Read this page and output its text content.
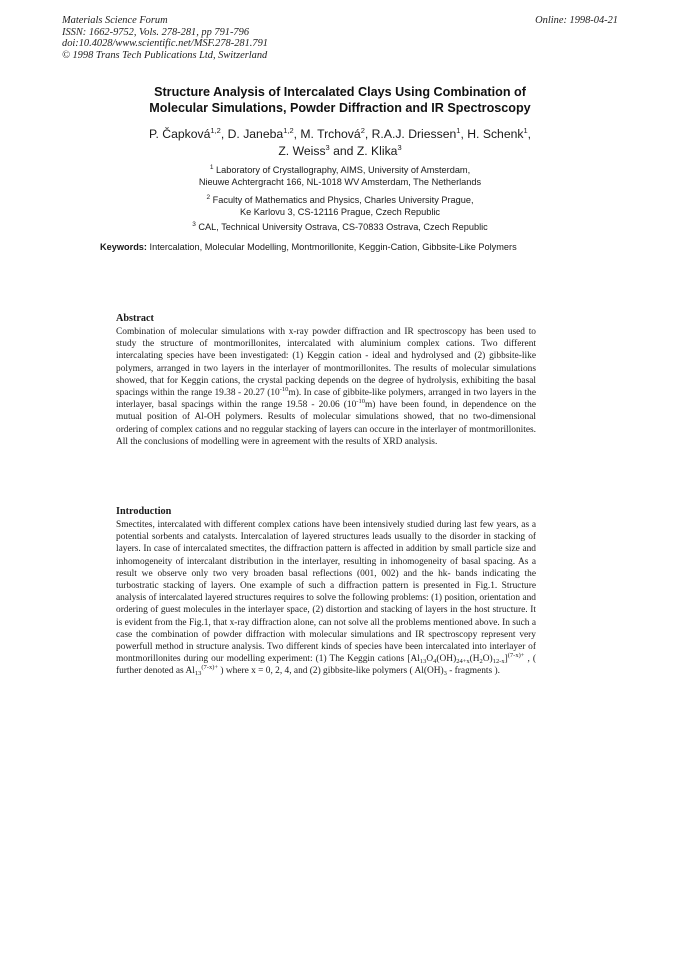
Materials Science Forum
ISSN: 1662-9752, Vols. 278-281, pp 791-796
doi:10.4028/www.scientific.net/MSF.278-281.791
© 1998 Trans Tech Publications Ltd, Switzerland
Online: 1998-04-21
Structure Analysis of Intercalated Clays Using Combination of
Molecular Simulations, Powder Diffraction and IR Spectroscopy
P. Čapková$^{1,2}$, D. Janeba$^{1,2}$, M. Trchová$^2$, R.A.J. Driessen$^1$, H. Schenk$^1$,
Z. Weiss$^3$ and Z. Klika$^3$
$^1$ Laboratory of Crystallography, AIMS, University of Amsterdam,
Nieuwe Achtergracht 166, NL-1018 WV Amsterdam, The Netherlands
$^2$ Faculty of Mathematics and Physics, Charles University Prague,
Ke Karlovu 3, CS-12116 Prague, Czech Republic
$^3$ CAL, Technical University Ostrava, CS-70833 Ostrava, Czech Republic
Keywords: Intercalation, Molecular Modelling, Montmorillonite, Keggin-Cation, Gibbsite-Like Polymers
Abstract
Combination of molecular simulations with x-ray powder diffraction and IR spectroscopy has been used to study the structure of montmorillonites, intercalated with aluminium complex cations. Two different intercalating species have been investigated: (1) Keggin cation - ideal and hydrolysed and (2) gibbsite-like polymers, arranged in two layers in the interlayer of montmorillonites. The results of molecular simulations showed, that for Keggin cations, the crystal packing depends on the degree of hydrolysis, exhibiting the basal spacings within the range 19.38 - 20.27 $(10^{-10}m)$. In case of gibbite-like polymers, arranged in two layers in the interlayer, basal spacings within the range 19.58 - 20.06 $(10^{-10}m)$ have been found, in dependence on the mutual position of Al-OH polymers. Results of molecular simulations showed, that no two-dimensional ordering of complex cations and no reggular stacking of layers can occure in the interlayer of montmorillonites. All the conclusions of modelling were in agreement with the results of XRD analysis.
Introduction
Smectites, intercalated with different complex cations have been intensively studied during last few years, as a potential sorbents and catalysts. Intercalation of layered structures leads usually to the disorder in stacking of layers. In case of intercalated smectites, the diffraction pattern is affected in addition by small particle size and inhomogeneity of intercalant distribution in the interlayer, resulting in inhomogeneity of basal spacing. As a result we observe only two very broaden basal reflections (001, 002) and the hk- bands indicating the turbostratic stacking of layers. One example of such a diffraction pattern is presented in Fig.1. Structure analysis of intercalated layered structures requires to solve the following problems: (1) position, orientation and ordering of guest molecules in the interlayer space, (2) distortion and stacking of layers in the host structure. It is evident from the Fig.1, that x-ray diffraction alone, can not solve all the problems mentioned above. In such a case the combination of powder diffraction with molecular simulations and IR spectroscopy represent very powerfull method in structure analysis. Two different kinds of species have been intercalated into interlayer of montmorillonites during our modelling experiment: (1) The Keggin cations $[Al_{13}O_4(OH)_{24+x}(H_2O)_{12-x}]^{(7-x)+}$ , ( further denoted as $Al_{13}^{(7-x)+}$ ) where x = 0, 2, 4, and (2) gibbsite-like polymers ( $Al(OH)_3$ - fragments ).
